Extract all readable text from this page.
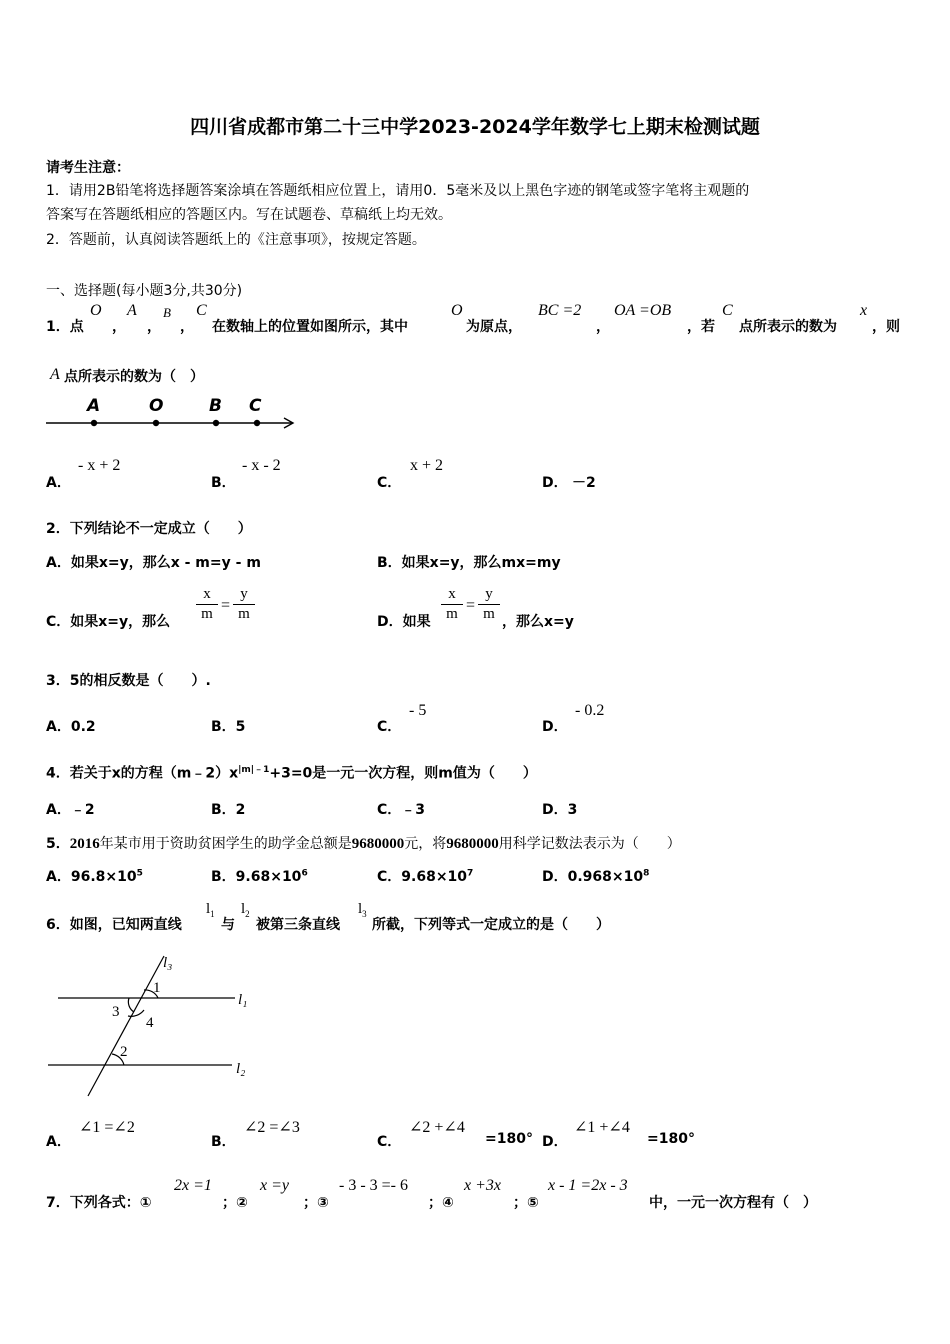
四川省成都市第二十三中学2023-2024学年数学七上期末检测试题
请考生注意：
1．请用2B铅笔将选择题答案涂填在答题纸相应位置上，请用0．5毫米及以上黑色字迹的钢笔或签字笔将主观题的
答案写在答题纸相应的答题区内。写在试题卷、草稿纸上均无效。
2．答题前，认真阅读答题纸上的《注意事项》，按规定答题。
一、选择题(每小题3分,共30分)
1．点
O
，
A
，
B
，
C
在数轴上的位置如图所示，其中
O
为原点，
BC =2
，
OA =OB
，若
C
点所表示的数为
x
，则
A 点所表示的数为（　）
A	O	B C
A．
- x + 2
B．
- x - 2
C．
x + 2
D． －2
2．下列结论不一定成立（　　）
A．如果x=y，那么x - m=y - m	B．如果x=y，那么mx=my
C．如果x=y，那么
x
m =
y
m	D．如果
x
m =
y
m ，那么x=y
3．5的相反数是（　　）.
A．0.2	B．5	C．
- 5
D．
- 0.2
4．若关于x的方程$(m﹣2)x^{|m|﹣1}+3=0$是一元一次方程，则m值为（　　）
A．﹣2	B．2	C．﹣3	D．3
5．2016年某市用于资助贫困学生的助学金总额是9680000元，将9680000用科学记数法表示为（　　）
A．$96.8\times 10^5$	B．$9.68\times 10^6$	C．$9.68\times 10^7$	D．$0.968\times 10^8$
6．如图，已知两直线
$l_1$
与
$l_2$
被第三条直线
$l_3$
所截，下列等式一定成立的是（　　）
l₃
l₁
l₂
1
2
3
4
A．
∠1 =∠2
B．
∠2 =∠3
C．
∠2 +∠4
=180° D．
∠1 +∠4
=180°
7．下列各式：①
2x =1
；②
x =y
；③
- 3 - 3 =- 6
；④
x +3x
；⑤
x - 1 =2x - 3
中，一元一次方程有（　）
